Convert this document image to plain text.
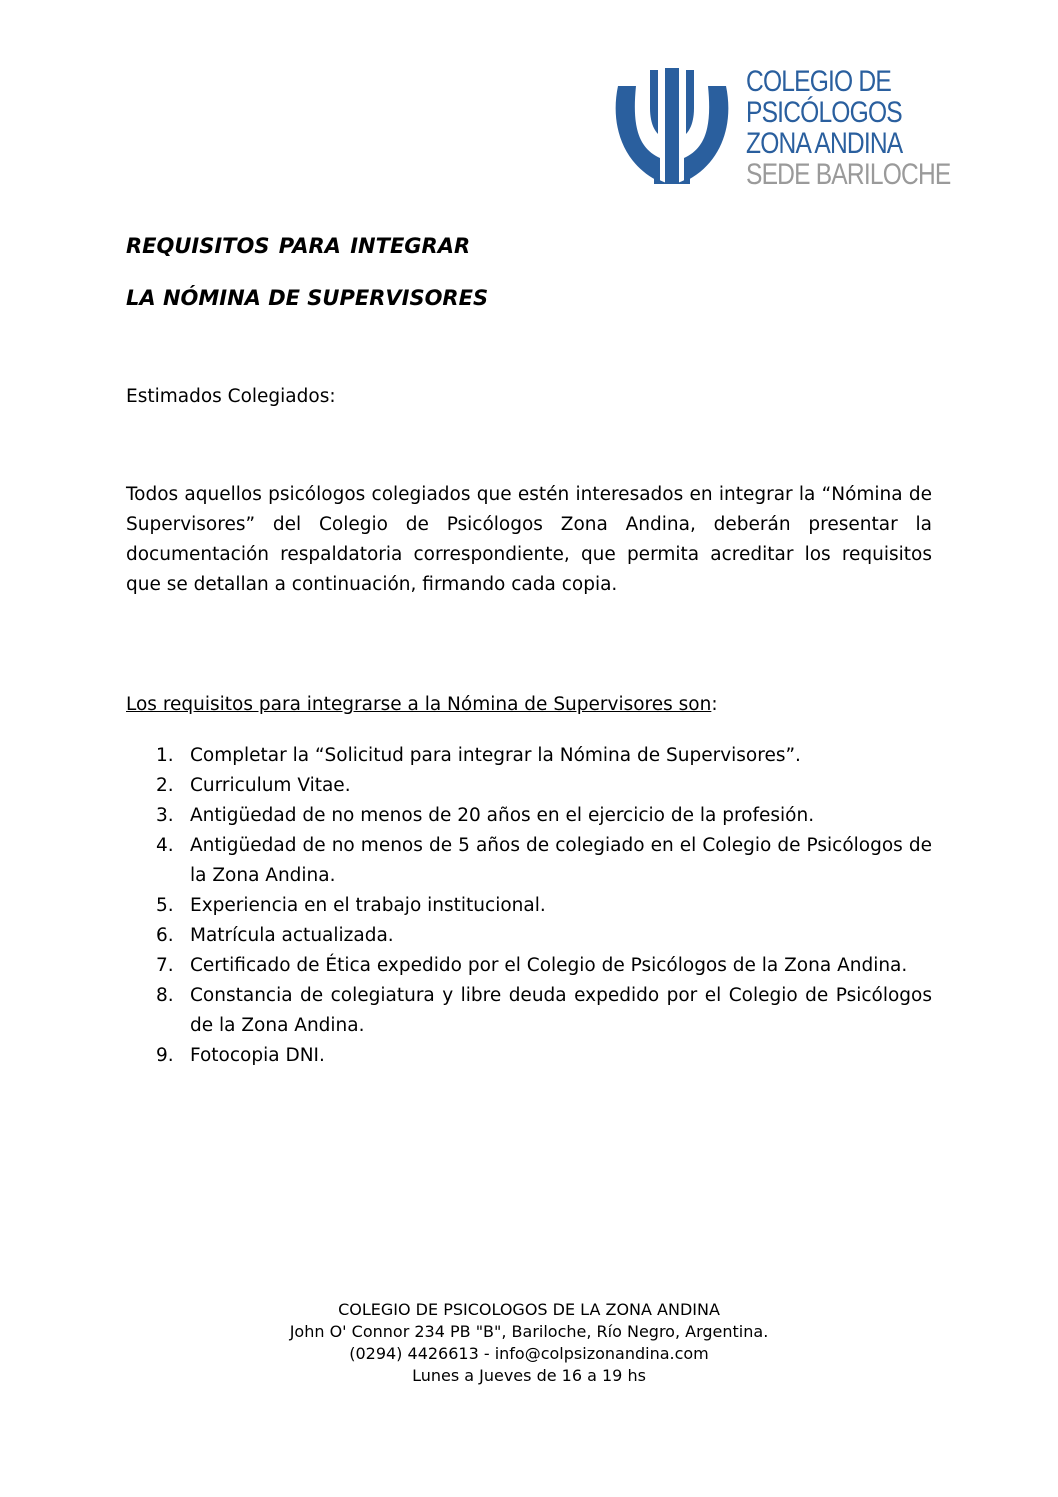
COLEGIO DE
PSICÓLOGOS
ZONA ANDINA
SEDE BARILOCHE
REQUISITOS PARA INTEGRAR
LA NÓMINA DE SUPERVISORES
Estimados Colegiados:
Todos aquellos psicólogos colegiados que estén interesados en integrar la “Nómina de Supervisores” del Colegio de Psicólogos Zona Andina, deberán presentar la documentación respaldatoria correspondiente, que permita acreditar los requisitos que se detallan a continuación, firmando cada copia.
Los requisitos para integrarse a la Nómina de Supervisores son:
1. Completar la “Solicitud para integrar la Nómina de Supervisores”.
2. Curriculum Vitae.
3. Antigüedad de no menos de 20 años en el ejercicio de la profesión.
4. Antigüedad de no menos de 5 años de colegiado en el Colegio de Psicólogos de la Zona Andina.
5. Experiencia en el trabajo institucional.
6. Matrícula actualizada.
7. Certificado de Ética expedido por el Colegio de Psicólogos de la Zona Andina.
8. Constancia de colegiatura y libre deuda expedido por el Colegio de Psicólogos de la Zona Andina.
9. Fotocopia DNI.
COLEGIO DE PSICOLOGOS DE LA ZONA ANDINA
John O' Connor 234 PB "B", Bariloche, Río Negro, Argentina.
(0294) 4426613 - info@colpsizonandina.com
Lunes a Jueves de 16 a 19 hs
